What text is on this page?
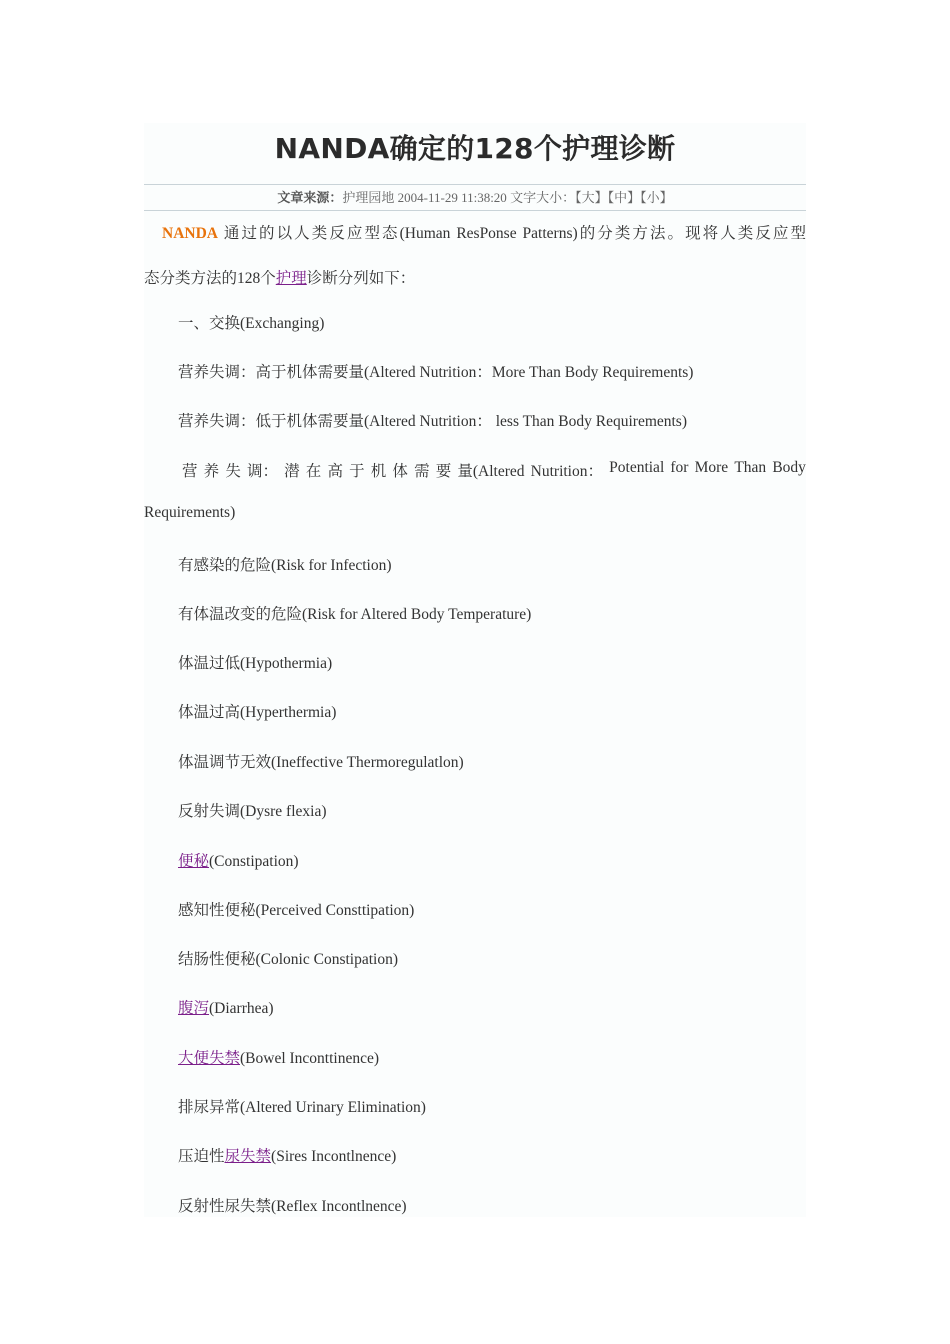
NANDA确定的128个护理诊断
文章来源：护理园地 2004-11-29 11:38:20 文字大小：【大】【中】【小】
NANDA 通过的以人类反应型态(Human ResPonse Patterns)的分类方法。现将人类反应型
态分类方法的128个护理诊断分列如下：
一、交换(Exchanging)
营养失调：高于机体需要量(Altered Nutrition：More Than Body Requirements)
营养失调：低于机体需要量(Altered Nutrition： less Than Body Requirements)
营 养 失 调： 潜 在 高 于 机 体 需 要 量(Altered Nutrition： Potential for More Than Body
Requirements)
有感染的危险(Risk for Infection)
有体温改变的危险(Risk for Altered Body Temperature)
体温过低(Hypothermia)
体温过高(Hyperthermia)
体温调节无效(Ineffective Thermoregulatlon)
反射失调(Dysre flexia)
便秘(Constipation)
感知性便秘(Perceived Consttipation)
结肠性便秘(Colonic Constipation)
腹泻(Diarrhea)
大便失禁(Bowel Inconttinence)
排尿异常(Altered Urinary Elimination)
压迫性尿失禁(Sires Incontlnence)
反射性尿失禁(Reflex Incontlnence)
